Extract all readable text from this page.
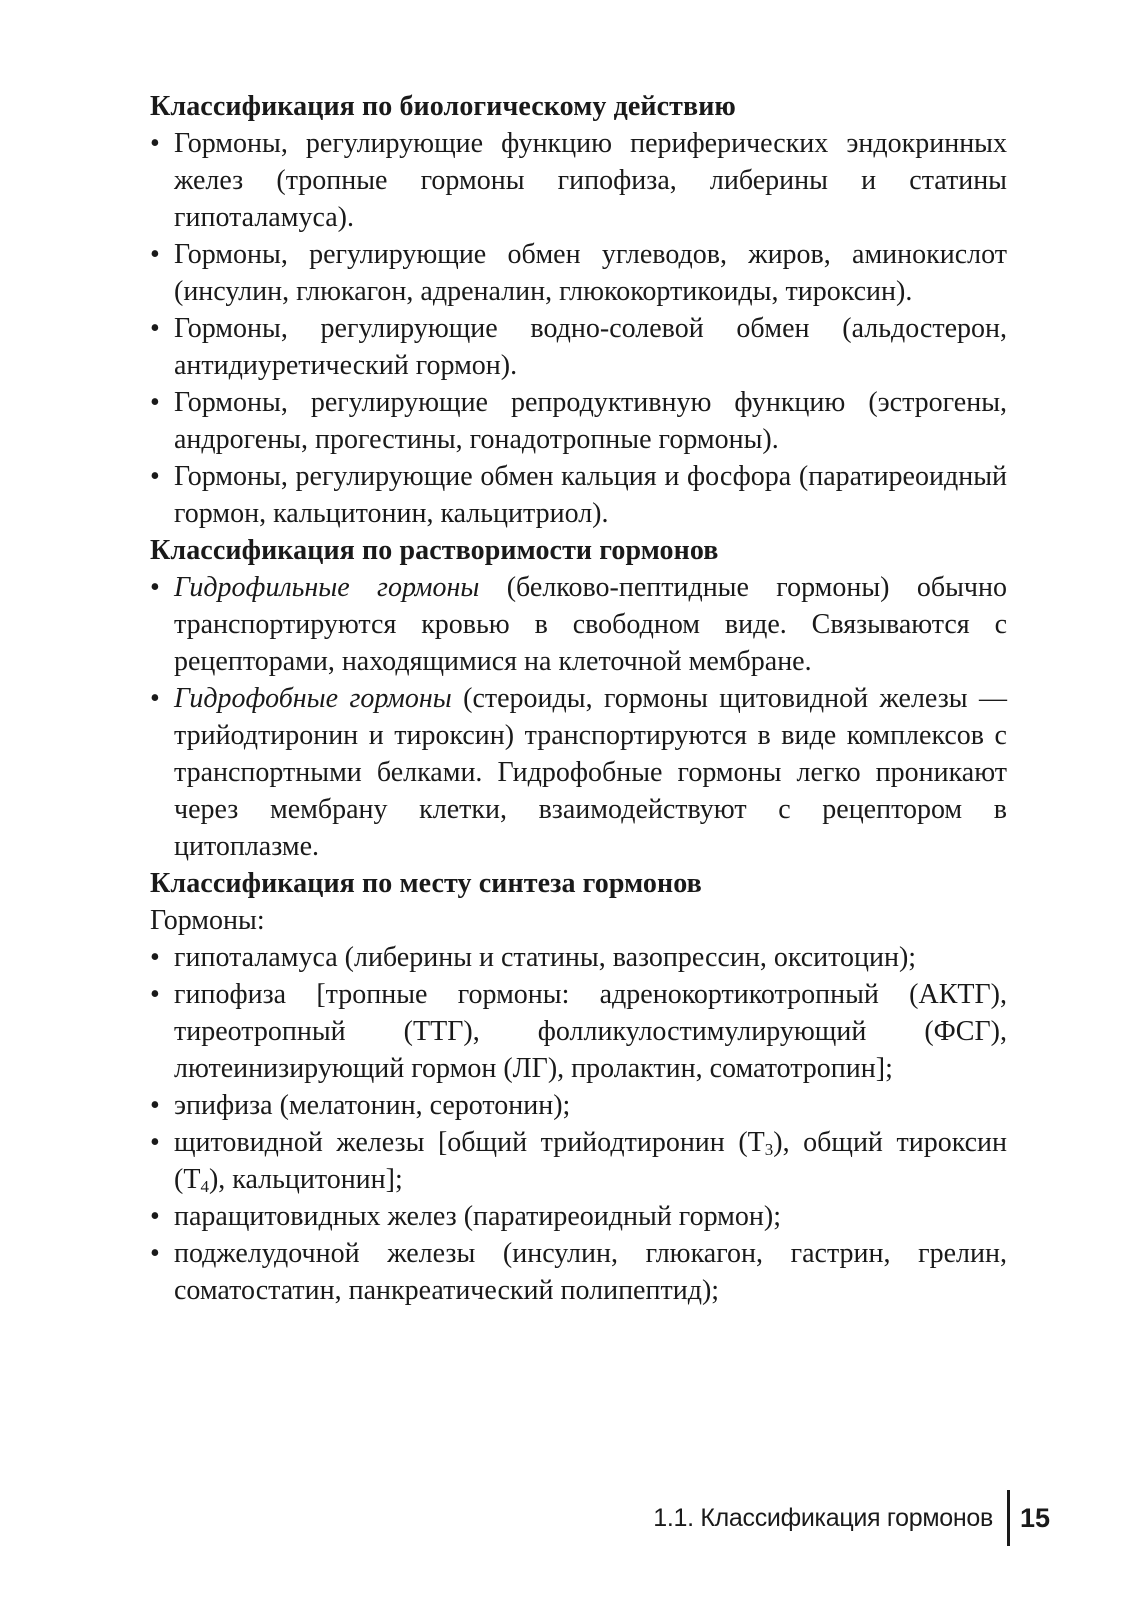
Классификация по биологическому действию
• Гормоны, регулирующие функцию периферических эндокринных желез (тропные гормоны гипофиза, либерины и статины гипоталамуса).
• Гормоны, регулирующие обмен углеводов, жиров, аминокислот (инсулин, глюкагон, адреналин, глюкокортикоиды, тироксин).
• Гормоны, регулирующие водно-солевой обмен (альдостерон, антидиуретический гормон).
• Гормоны, регулирующие репродуктивную функцию (эстрогены, андрогены, прогестины, гонадотропные гормоны).
• Гормоны, регулирующие обмен кальция и фосфора (паратиреоидный гормон, кальцитонин, кальцитриол).
Классификация по растворимости гормонов
• Гидрофильные гормоны (белково-пептидные гормоны) обычно транспортируются кровью в свободном виде. Связываются с рецепторами, находящимися на клеточной мембране.
• Гидрофобные гормоны (стероиды, гормоны щитовидной железы — трийодтиронин и тироксин) транспортируются в виде комплексов с транспортными белками. Гидрофобные гормоны легко проникают через мембрану клетки, взаимодействуют с рецептором в цитоплазме.
Классификация по месту синтеза гормонов

Гормоны:

• гипоталамуса (либерины и статины, вазопрессин, окситоцин);
• гипофиза [тропные гормоны: адренокортикотропный (АКТГ), тиреотропный (ТТГ), фолликулостимулирующий (ФСГ), лютеинизирующий гормон (ЛГ), пролактин, соматотропин];
• эпифиза (мелатонин, серотонин);
• щитовидной железы [общий трийодтиронин $(Т_3)$, общий тироксин $(Т_4)$, кальцитонин];
• паращитовидных желез (паратиреоидный гормон);
• поджелудочной железы (инсулин, глюкагон, гастрин, грелин, соматостатин, панкреатический полипептид);
1.1. Классификация гормонов 15
